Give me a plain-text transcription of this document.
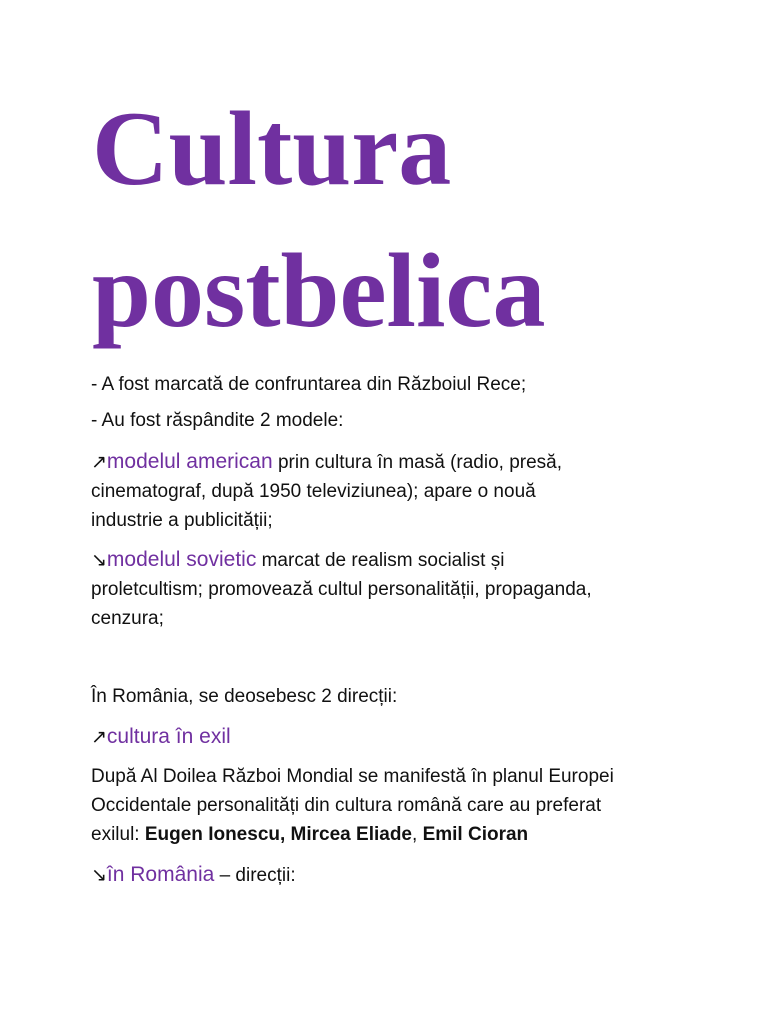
Cultura
postbelica

- A fost marcată de confruntarea din Războiul Rece;

- Au fost răspândite 2 modele:

↗modelul american prin cultura în masă (radio, presă,
cinematograf, după 1950 televiziunea); apare o nouă
industrie a publicității;
↘modelul sovietic marcat de realism socialist și
proletcultism; promovează cultul personalității, propaganda,
cenzura;

În România, se deosebesc 2 direcții:

↗cultura în exil
După Al Doilea Război Mondial se manifestă în planul Europei
Occidentale personalități din cultura română care au preferat
exilul: Eugen Ionescu, Mircea Eliade, Emil Cioran
↘în România – direcții:
